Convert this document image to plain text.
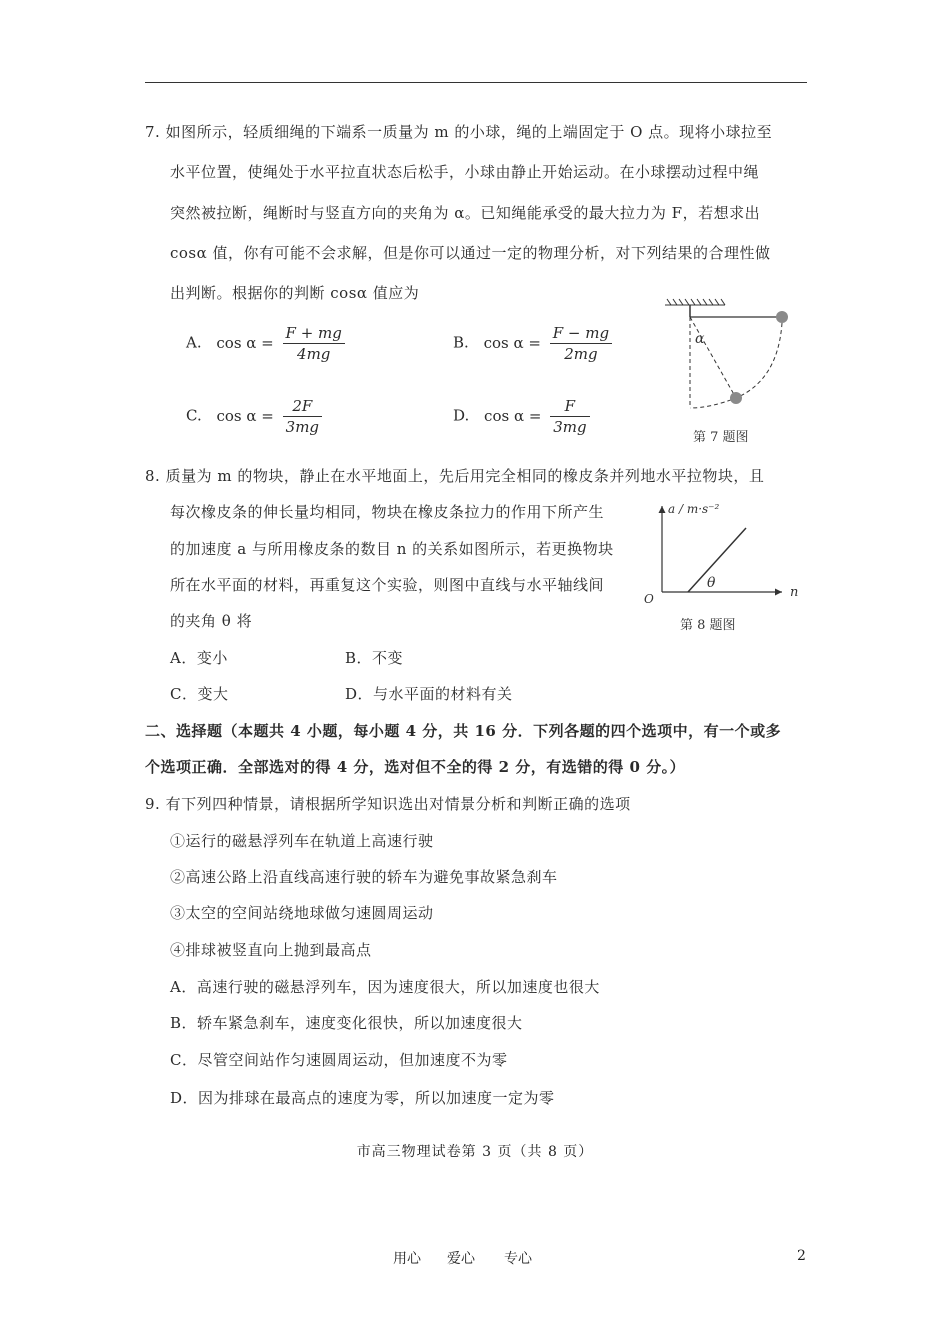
7. 如图所示，轻质细绳的下端系一质量为 m 的小球，绳的上端固定于 O 点。现将小球拉至
水平位置，使绳处于水平拉直状态后松手，小球由静止开始运动。在小球摆动过程中绳
突然被拉断，绳断时与竖直方向的夹角为 α。已知绳能承受的最大拉力为 F，若想求出
cosα 值，你有可能不会求解，但是你可以通过一定的物理分析，对下列结果的合理性做
出判断。根据你的判断 cosα 值应为
A. $\cos \alpha = \frac{F + mg}{4mg}$	B. $\cos \alpha = \frac{F - mg}{2mg}$
C. $\cos \alpha = \frac{2F}{3mg}$	D. $\cos \alpha = \frac{F}{3mg}$
α
第 7 题图
8. 质量为 m 的物块，静止在水平地面上，先后用完全相同的橡皮条并列地水平拉物块，且
每次橡皮条的伸长量均相同，物块在橡皮条拉力的作用下所产生
的加速度 a 与所用橡皮条的数目 n 的关系如图所示，若更换物块
所在水平面的材料，再重复这个实验，则图中直线与水平轴线间
的夹角 θ 将
A．变小	B．不变
C．变大	D．与水平面的材料有关
a / m·s⁻²
n
O
θ
第 8 题图
二、选择题（本题共 4 小题，每小题 4 分，共 16 分．下列各题的四个选项中，有一个或多
个选项正确．全部选对的得 4 分，选对但不全的得 2 分，有选错的得 0 分。）
9. 有下列四种情景，请根据所学知识选出对情景分析和判断正确的选项
①运行的磁悬浮列车在轨道上高速行驶
②高速公路上沿直线高速行驶的轿车为避免事故紧急刹车
③太空的空间站绕地球做匀速圆周运动
④排球被竖直向上抛到最高点
A．高速行驶的磁悬浮列车，因为速度很大，所以加速度也很大
B．轿车紧急刹车，速度变化很快，所以加速度很大
C．尽管空间站作匀速圆周运动，但加速度不为零
D．因为排球在最高点的速度为零，所以加速度一定为零
市高三物理试卷第 3 页（共 8 页）
用心 爱心 专心	2
